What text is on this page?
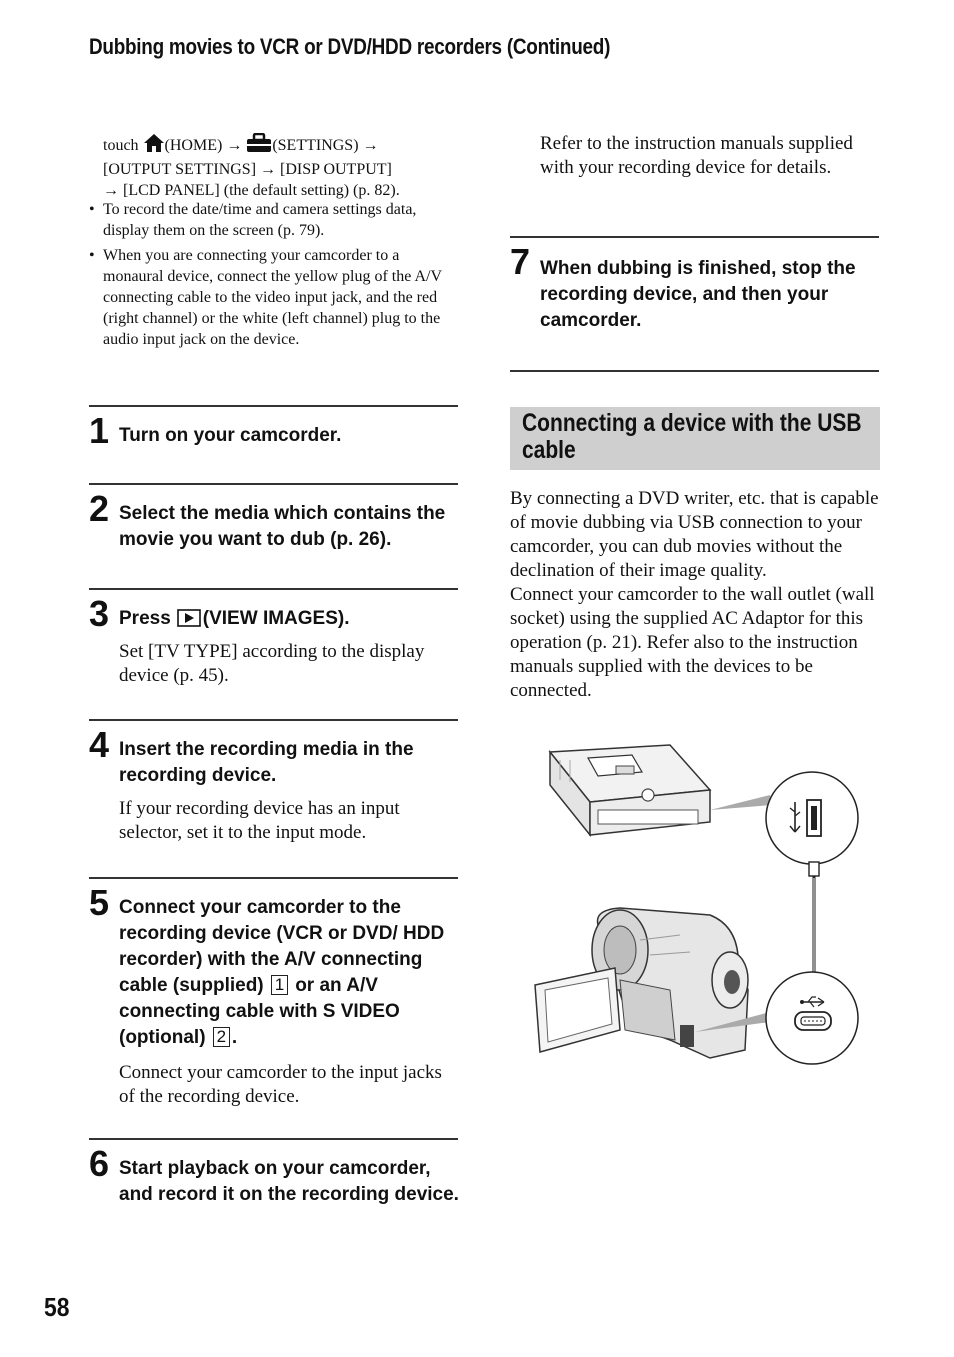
Dubbing movies to VCR or DVD/HDD recorders (Continued)
touch (HOME) → (SETTINGS) →
[OUTPUT SETTINGS] → [DISP OUTPUT]
→ [LCD PANEL] (the default setting) (p. 82).
• To record the date/time and camera settings data, display them on the screen (p. 79).
• When you are connecting your camcorder to a monaural device, connect the yellow plug of the A/V connecting cable to the video input jack, and the red (right channel) or the white (left channel) plug to the audio input jack on the device.
1 Turn on your camcorder.
2 Select the media which contains the movie you want to dub (p. 26).
3 Press (VIEW IMAGES).
Set [TV TYPE] according to the display device (p. 45).
4 Insert the recording media in the recording device.
If your recording device has an input selector, set it to the input mode.
5 Connect your camcorder to the recording device (VCR or DVD/ HDD recorder) with the A/V connecting cable (supplied) 1 or an A/V connecting cable with S VIDEO (optional) 2 .
Connect your camcorder to the input jacks of the recording device.
6 Start playback on your camcorder, and record it on the recording device.
58
Refer to the instruction manuals supplied with your recording device for details.
7 When dubbing is finished, stop the recording device, and then your camcorder.
Connecting a device with the USB cable
By connecting a DVD writer, etc. that is capable of movie dubbing via USB connection to your camcorder, you can dub movies without the declination of their image quality.
Connect your camcorder to the wall outlet (wall socket) using the supplied AC Adaptor for this operation (p. 21). Refer also to the instruction manuals supplied with the devices to be connected.
